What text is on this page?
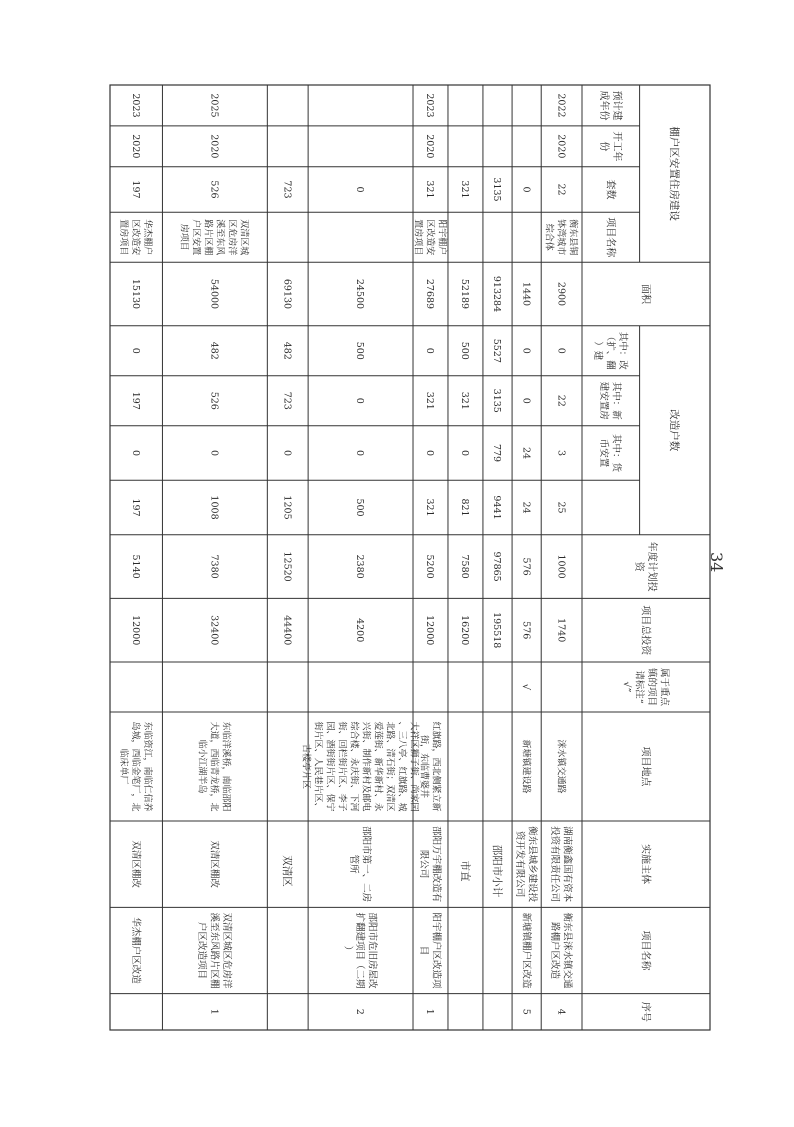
棚户区安置住房建设
改造户数
预计建
成年份
开工年
份
套数
项目名称
面积
其中：改
（扩、翻
）建
其中：新
建安置房
其中：货
币安置
年度计划投
资
项目总投资
属于重点
镇的项目
请标注“
√”
项目地点
实施主体
项目名称
序号
4
衡东县洣水镇交通
路棚户区改造
湖南衡鑫国有资本
投资有限责任公司
洣水镇交通路
2022
2020
22
衡东县铜
钵湾城市
综合体
2900
0
22
3
25
1000
1740
5
新塘镇棚户区改造
衡东县城乡建设投
资开发有限公司
新塘镇建设路
√
0
1440
0
0
24
24
576
576
邵阳市小计
3135
913284
5527
3135
779
9441
97865
195518
市直
321
52189
500
321
0
821
7580
16200
1
阳宇棚户区改造项
目
邵阳万宇棚改造有
限公司
红旗路，西北侧紧立新
街，东临曹婆井
2023
2020
321
阳宇棚户
区改造安
置房项目
27689
0
321
0
321
5200
12000
2
邵阳市危旧房屋改
扩翻建项目（二期
）
邵阳市第一、二房
管所
大祥区狮子街、尚家园
、三八亭、红旗路、城
北路、清石街；双清区
爱莲街、新华新村、永
兴街、制作新村及邮电
综合楼、永庆街、下河
街、回栏街片区、李子
园、酒街街片区、保宁
街片区、人民巷片区、
古楼亭片区
0
24500
500
0
0
500
2380
4200
双清区
723
69130
482
723
0
1205
12520
44400
1
双清区城区危房洋
溪至东风路片区棚
户区改造项目
双清区棚改
东临洋溪桥，南临邵阳
大道，西临青龙桥，北
临小江湖半岛
2025
2020
526
双清区城
区危房洋
溪至东风
路片区棚
户区安置
房项目
54000
482
526
0
1008
7380
32400
华杰棚户区改造
双清区棚改
东临资江，南临仁信养
岛城，西临金笔厂，北
临床单厂
2023
2020
197
华杰棚户
区改造安
置房项目
15130
0
197
0
197
5140
12000
34
